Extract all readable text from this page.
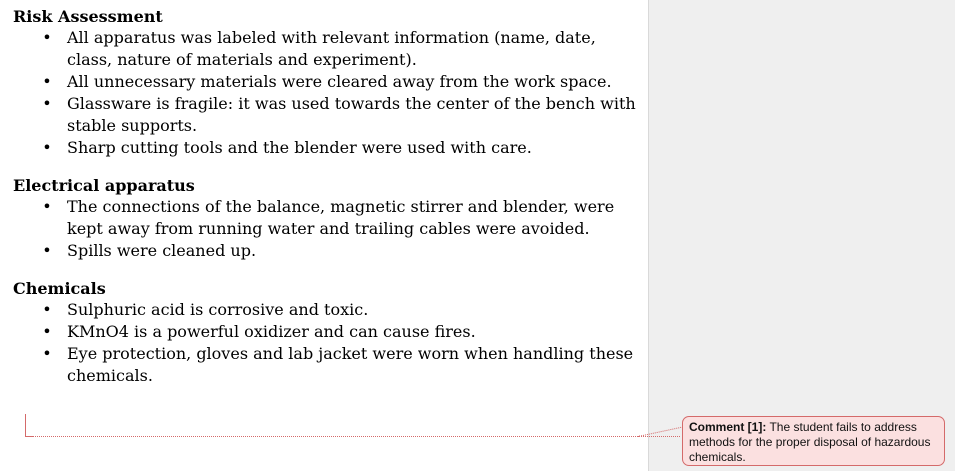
Risk Assessment
• All apparatus was labeled with relevant information (name, date, class, nature of materials and experiment).
• All unnecessary materials were cleared away from the work space.
• Glassware is fragile: it was used towards the center of the bench with stable supports.
• Sharp cutting tools and the blender were used with care.
Electrical apparatus
• The connections of the balance, magnetic stirrer and blender, were kept away from running water and trailing cables were avoided.
• Spills were cleaned up.
Chemicals
• Sulphuric acid is corrosive and toxic.
• KMnO4 is a powerful oxidizer and can cause fires.
• Eye protection, gloves and lab jacket were worn when handling these chemicals.
Comment [1]: The student fails to address methods for the proper disposal of hazardous chemicals.
